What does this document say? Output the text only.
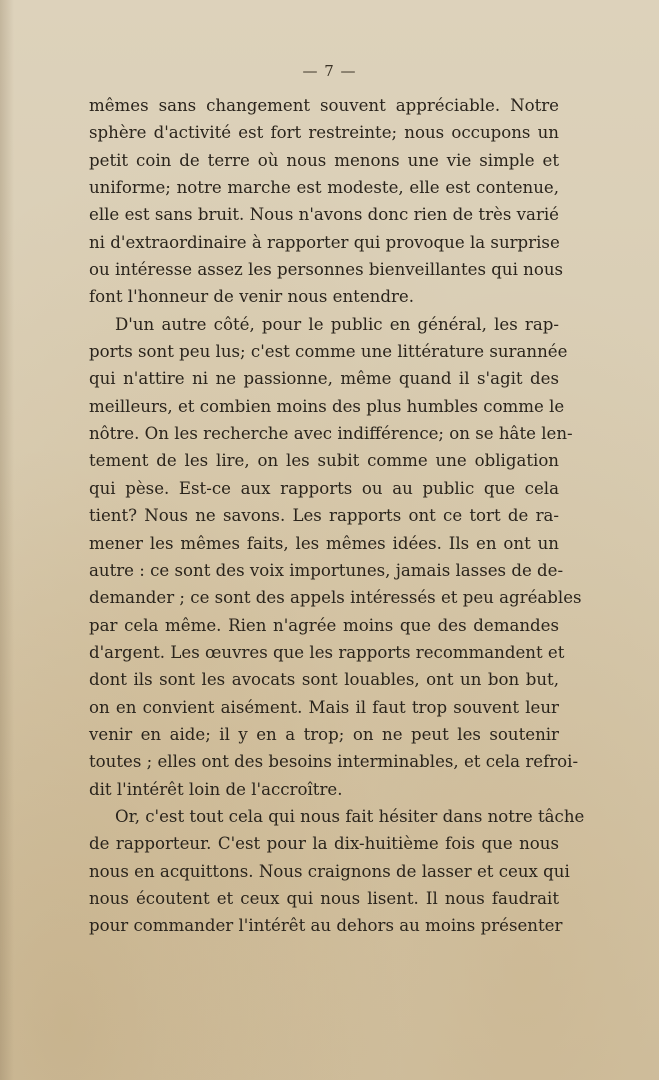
— 7 —
mêmes sans changement souvent appréciable. Notre
sphère d'activité est fort restreinte; nous occupons un
petit coin de terre où nous menons une vie simple et
uniforme; notre marche est modeste, elle est contenue,
elle est sans bruit. Nous n'avons donc rien de très varié
ni d'extraordinaire à rapporter qui provoque la surprise
ou intéresse assez les personnes bienveillantes qui nous
font l'honneur de venir nous entendre.
D'un autre côté, pour le public en général, les rap-
ports sont peu lus; c'est comme une littérature surannée
qui n'attire ni ne passionne, même quand il s'agit des
meilleurs, et combien moins des plus humbles comme le
nôtre. On les recherche avec indifférence; on se hâte len-
tement de les lire, on les subit comme une obligation
qui pèse. Est-ce aux rapports ou au public que cela
tient? Nous ne savons. Les rapports ont ce tort de ra-
mener les mêmes faits, les mêmes idées. Ils en ont un
autre : ce sont des voix importunes, jamais lasses de de-
demander ; ce sont des appels intéressés et peu agréables
par cela même. Rien n'agrée moins que des demandes
d'argent. Les œuvres que les rapports recommandent et
dont ils sont les avocats sont louables, ont un bon but,
on en convient aisément. Mais il faut trop souvent leur
venir en aide; il y en a trop; on ne peut les soutenir
toutes ; elles ont des besoins interminables, et cela refroi-
dit l'intérêt loin de l'accroître.
Or, c'est tout cela qui nous fait hésiter dans notre tâche
de rapporteur. C'est pour la dix-huitième fois que nous
nous en acquittons. Nous craignons de lasser et ceux qui
nous écoutent et ceux qui nous lisent. Il nous faudrait
pour commander l'intérêt au dehors au moins présenter
